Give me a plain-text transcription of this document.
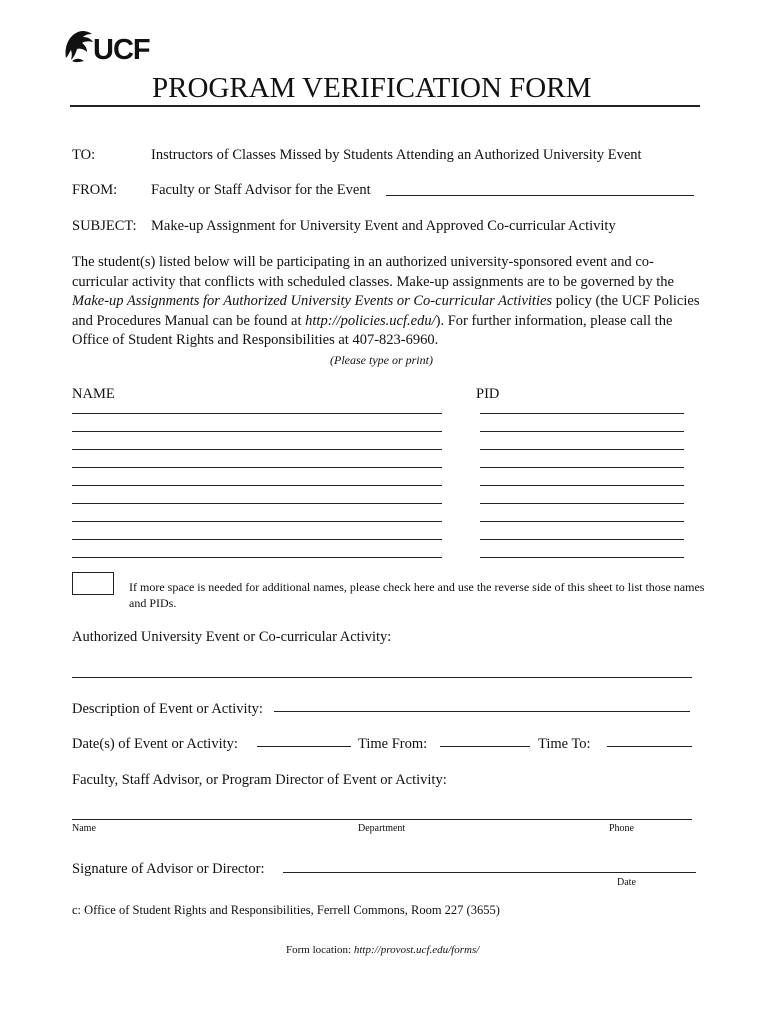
UCF
PROGRAM VERIFICATION FORM
TO:	Instructors of Classes Missed by Students Attending an Authorized University Event
FROM: Faculty or Staff Advisor for the Event
SUBJECT: Make-up Assignment for University Event and Approved Co-curricular Activity
The student(s) listed below will be participating in an authorized university-sponsored event and co-curricular activity that conflicts with scheduled classes. Make-up assignments are to be governed by the Make-up Assignments for Authorized University Events or Co-curricular Activities policy (the UCF Policies and Procedures Manual can be found at http://policies.ucf.edu/). For further information, please call the Office of Student Rights and Responsibilities at 407-823-6960.
(Please type or print)
NAME	PID
If more space is needed for additional names, please check here and use the reverse side of this sheet to list those names and PIDs.
Authorized University Event or Co-curricular Activity:
Description of Event or Activity:
Date(s) of Event or Activity:	Time From:	Time To:
Faculty, Staff Advisor, or Program Director of Event or Activity:
Name	Department	Phone
Signature of Advisor or Director:
Date
c: Office of Student Rights and Responsibilities, Ferrell Commons, Room 227 (3655)
Form location: http://provost.ucf.edu/forms/
